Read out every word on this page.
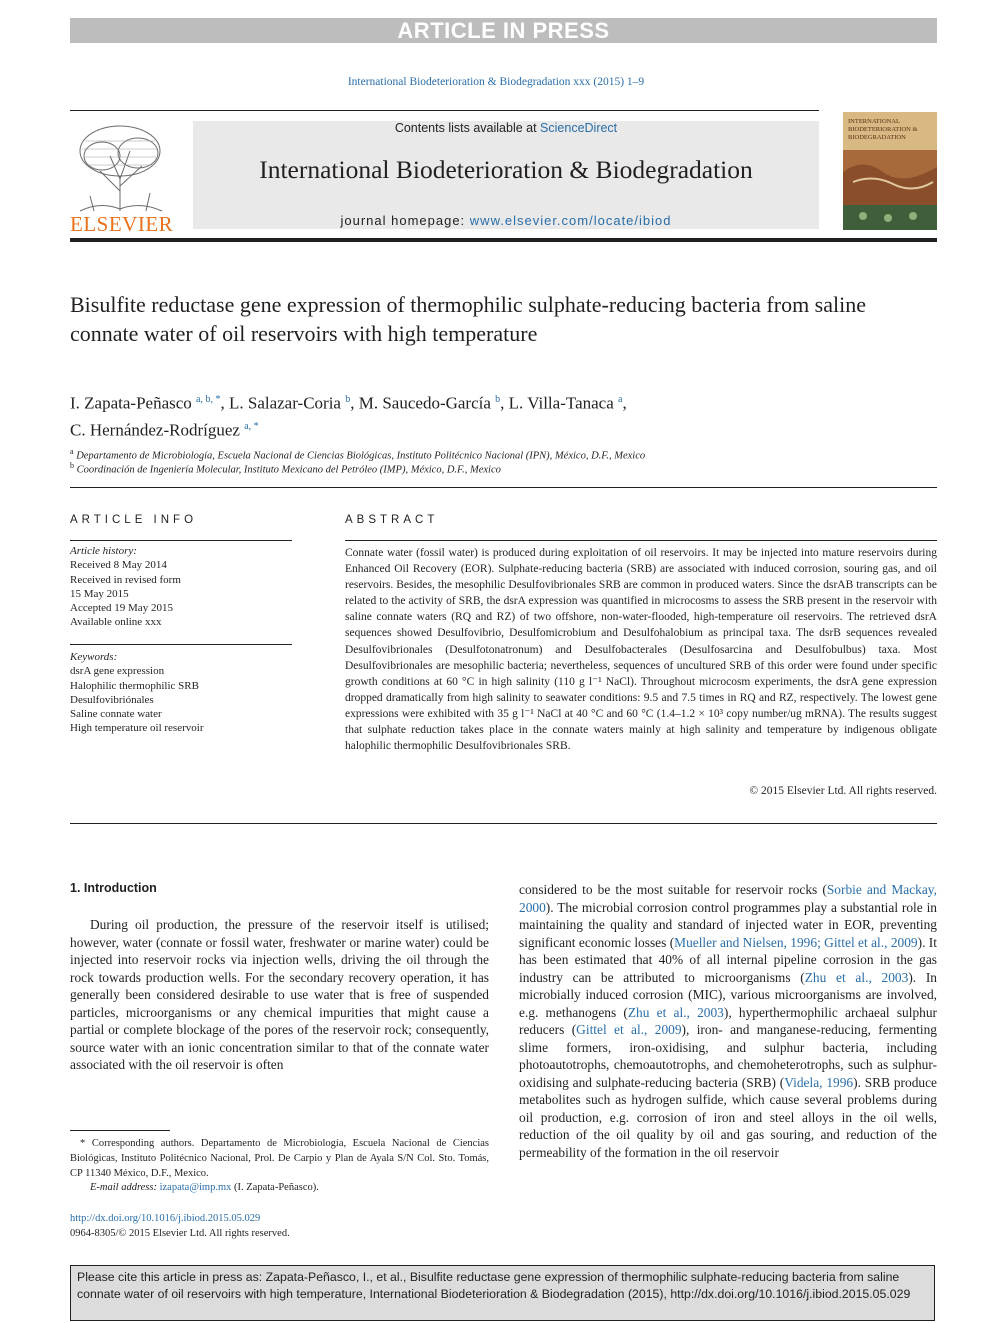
ARTICLE IN PRESS
International Biodeterioration & Biodegradation xxx (2015) 1–9
Contents lists available at ScienceDirect
International Biodeterioration & Biodegradation
journal homepage: www.elsevier.com/locate/ibiod
ELSEVIER
INTERNATIONAL BIODETERIORATION & BIODEGRADATION
Bisulfite reductase gene expression of thermophilic sulphate-reducing bacteria from saline connate water of oil reservoirs with high temperature
I. Zapata-Peñasco $^{a, b, *}$, L. Salazar-Coria $^b$, M. Saucedo-García $^b$, L. Villa-Tanaca $^a$,
C. Hernández-Rodríguez $^{a, *}$
$^a$ Departamento de Microbiología, Escuela Nacional de Ciencias Biológicas, Instituto Politécnico Nacional (IPN), México, D.F., Mexico
$^b$ Coordinación de Ingeniería Molecular, Instituto Mexicano del Petróleo (IMP), México, D.F., Mexico
ARTICLE INFO
Article history:
Received 8 May 2014
Received in revised form
15 May 2015
Accepted 19 May 2015
Available online xxx
Keywords:
dsrA gene expression
Halophilic thermophilic SRB
Desulfovibriónales
Saline connate water
High temperature oil reservoir
ABSTRACT
Connate water (fossil water) is produced during exploitation of oil reservoirs. It may be injected into mature reservoirs during Enhanced Oil Recovery (EOR). Sulphate-reducing bacteria (SRB) are associated with induced corrosion, souring gas, and oil reservoirs. Besides, the mesophilic Desulfovibrionales SRB are common in produced waters. Since the dsrAB transcripts can be related to the activity of SRB, the dsrA expression was quantified in microcosms to assess the SRB present in the reservoir with saline connate waters (RQ and RZ) of two offshore, non-water-flooded, high-temperature oil reservoirs. The retrieved dsrA sequences showed Desulfovibrio, Desulfomicrobium and Desulfohalobium as principal taxa. The dsrB sequences revealed Desulfovibrionales (Desulfotonatronum) and Desulfobacterales (Desulfosarcina and Desulfobulbus) taxa. Most Desulfovibrionales are mesophilic bacteria; nevertheless, sequences of uncultured SRB of this order were found under specific growth conditions at 60 °C in high salinity (110 g l⁻¹ NaCl). Throughout microcosm experiments, the dsrA gene expression dropped dramatically from high salinity to seawater conditions: 9.5 and 7.5 times in RQ and RZ, respectively. The lowest gene expressions were exhibited with 35 g l⁻¹ NaCl at 40 °C and 60 °C (1.4–1.2 × 10³ copy number/ug mRNA). The results suggest that sulphate reduction takes place in the connate waters mainly at high salinity and temperature by indigenous obligate halophilic thermophilic Desulfovibrionales SRB.
© 2015 Elsevier Ltd. All rights reserved.
1. Introduction

During oil production, the pressure of the reservoir itself is utilised; however, water (connate or fossil water, freshwater or marine water) could be injected into reservoir rocks via injection wells, driving the oil through the rock towards production wells. For the secondary recovery operation, it has generally been considered desirable to use water that is free of suspended particles, microorganisms or any chemical impurities that might cause a partial or complete blockage of the pores of the reservoir rock; consequently, source water with an ionic concentration similar to that of the connate water associated with the oil reservoir is often

considered to be the most suitable for reservoir rocks (Sorbie and Mackay, 2000). The microbial corrosion control programmes play a substantial role in maintaining the quality and standard of injected water in EOR, preventing significant economic losses (Mueller and Nielsen, 1996; Gittel et al., 2009). It has been estimated that 40% of all internal pipeline corrosion in the gas industry can be attributed to microorganisms (Zhu et al., 2003). In microbially induced corrosion (MIC), various microorganisms are involved, e.g. methanogens (Zhu et al., 2003), hyperthermophilic archaeal sulphur reducers (Gittel et al., 2009), iron- and manganese-reducing, fermenting slime formers, iron-oxidising, and sulphur bacteria, including photoautotrophs, chemoautotrophs, and chemoheterotrophs, such as sulphur-oxidising and sulphate-reducing bacteria (SRB) (Videla, 1996). SRB produce metabolites such as hydrogen sulfide, which cause several problems during oil production, e.g. corrosion of iron and steel alloys in the oil wells, reduction of the oil quality by oil and gas souring, and reduction of the permeability of the formation in the oil reservoir
* Corresponding authors. Departamento de Microbiología, Escuela Nacional de Ciencias Biológicas, Instituto Politécnico Nacional, Prol. De Carpio y Plan de Ayala S/N Col. Sto. Tomás, CP 11340 México, D.F., Mexico.
E-mail address: izapata@imp.mx (I. Zapata-Peñasco).
http://dx.doi.org/10.1016/j.ibiod.2015.05.029
0964-8305/© 2015 Elsevier Ltd. All rights reserved.
Please cite this article in press as: Zapata-Peñasco, I., et al., Bisulfite reductase gene expression of thermophilic sulphate-reducing bacteria from saline connate water of oil reservoirs with high temperature, International Biodeterioration & Biodegradation (2015), http://dx.doi.org/10.1016/j.ibiod.2015.05.029
